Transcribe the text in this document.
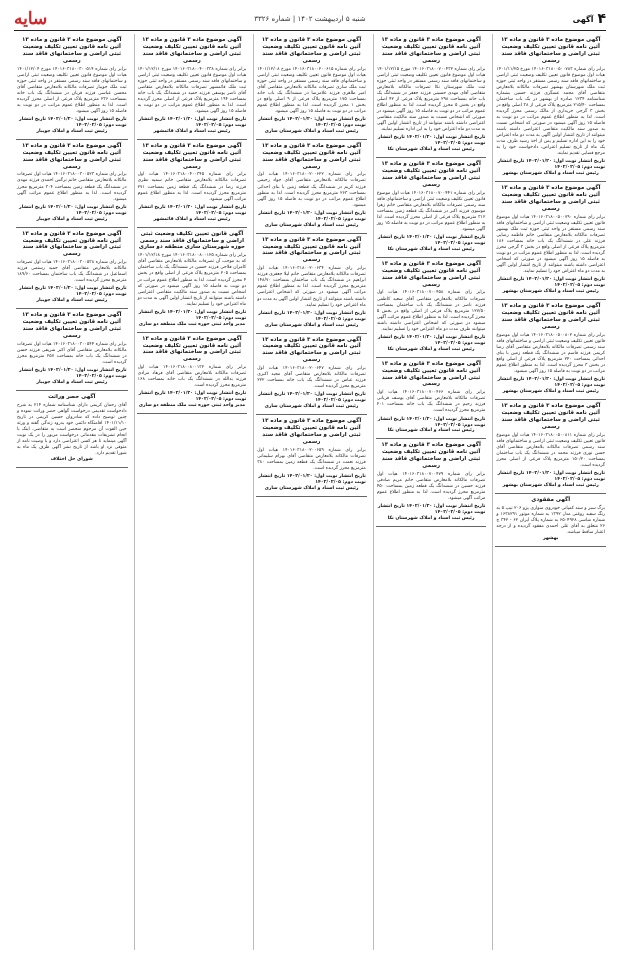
۴
آگهی
شنبه ۵ اردیبهشت ۱۴۰۲ | شماره ۳۳۲۶
سایه
آگهی موضوع ماده ۳ قانون و ماده ۱۳ آئین نامه قانون تعیین تکلیف وضعیت ثبتی اراضی و ساختمانهای فاقد سند رسمی
برابر رای شماره ۱۴۰۱۶۰۳۱۸۰۰۵۰۰۷۸۳ مورخ ۱۴۰۱/۱۱/۲۵ هیات اول موضوع قانون تعیین تکلیف وضعیت ثبتی اراضی و ساختمانهای فاقد سند رسمی مستقر در واحد ثبتی حوزه ثبت ملک شهرستان بهشهر تصرفات مالکانه بلامعارض متقاضی آقای محمد عسگری فرزند حسین بشماره شناسنامه ۱۲۳۴ صادره از بهشهر در یک باب ساختمان بمساحت ۲۱۵/۴۰ مترمربع پلاک فرعی از ۳۸ اصلی واقع در بخش ۳ گرجی خریداری از مالک رسمی محرز گردیده است. لذا به منظور اطلاع عموم مراتب در دو نوبت به فاصله ۱۵ روز آگهی میشود در صورتی که اشخاص نسبت به صدور سند مالکیت متقاضی اعتراضی داشته باشند میتوانند از تاریخ انتشار اولین آگهی به مدت دو ماه اعتراض خود را به این اداره تسلیم و پس از اخذ رسید ظرف مدت یک ماه از تاریخ تسلیم اعتراض، دادخواست خود را به مرجع قضایی تقدیم نمایند.
تاریخ انتشار نوبت اول: ۱۴۰۲/۰۱/۲۰ تاریخ انتشار نوبت دوم: ۱۴۰۲/۰۲/۰۵
رئیس ثبت اسناد و املاک شهرستان بهشهر
آگهی موضوع ماده ۳ قانون و ماده ۱۳ آئین نامه قانون تعیین تکلیف وضعیت ثبتی اراضی و ساختمانهای فاقد سند رسمی
برابر رای شماره ۱۴۰۱۶۰۳۱۸۰۰۵۰۰۷۹۰ هیات اول موضوع قانون تعیین تکلیف وضعیت ثبتی اراضی و ساختمانهای فاقد سند رسمی مستقر در واحد ثبتی حوزه ثبت ملک بهشهر تصرفات مالکانه بلامعارض متقاضی خانم فاطمه رضایی فرزند علی در ششدانگ یک باب خانه بمساحت ۱۸۶ مترمربع پلاک فرعی از اصلی واقع در بخش ۳ گرجی محرز گردیده است. لذا به منظور اطلاع عموم مراتب در دو نوبت به فاصله ۱۵ روز آگهی میشود در صورتی که اشخاص اعتراضی داشته باشند میتوانند از تاریخ انتشار اولین آگهی به مدت دو ماه اعتراض خود را تسلیم نمایند.
تاریخ انتشار نوبت اول: ۱۴۰۲/۰۱/۲۰ تاریخ انتشار نوبت دوم: ۱۴۰۲/۰۲/۰۵
رئیس ثبت اسناد و املاک شهرستان بهشهر
آگهی موضوع ماده ۳ قانون و ماده ۱۳ آئین نامه قانون تعیین تکلیف وضعیت ثبتی اراضی و ساختمانهای فاقد سند رسمی
برابر رای شماره ۱۴۰۱۶۰۳۱۸۰۰۵۰۰۸۰۲ هیات اول موضوع قانون تعیین تکلیف وضعیت ثبتی اراضی و ساختمانهای فاقد سند رسمی تصرفات مالکانه بلامعارض متقاضی آقای رضا کریمی فرزند قاسم در ششدانگ یک قطعه زمین با بنای احداثی بمساحت ۲۴۰ مترمربع پلاک فرعی از اصلی واقع در بخش ۳ محرز گردیده است. لذا به منظور اطلاع عموم مراتب در دو نوبت به فاصله ۱۵ روز آگهی میشود.
تاریخ انتشار نوبت اول: ۱۴۰۲/۰۱/۲۰ تاریخ انتشار نوبت دوم: ۱۴۰۲/۰۲/۰۵
رئیس ثبت اسناد و املاک شهرستان بهشهر
آگهی موضوع ماده ۳ قانون و ماده ۱۳ آئین نامه قانون تعیین تکلیف وضعیت ثبتی اراضی و ساختمانهای فاقد سند رسمی
برابر رای شماره ۱۴۰۱۶۰۳۱۸۰۰۵۰۰۸۱۱ هیات اول موضوع قانون تعیین تکلیف وضعیت ثبتی اراضی و ساختمانهای فاقد سند رسمی تصرفات مالکانه بلامعارض متقاضی آقای حسن نوری فرزند محمد در ششدانگ یک باب ساختمان بمساحت ۱۵۰/۲۰ مترمربع پلاک فرعی از اصلی محرز گردیده است.
تاریخ انتشار نوبت اول: ۱۴۰۲/۰۱/۲۰ تاریخ انتشار نوبت دوم: ۱۴۰۲/۰۲/۰۵
رئیس ثبت اسناد و املاک شهرستان بهشهر
آگهی مفقودی
برگ سبز و سند کمپانی خودروی سواری پژو ۲۰۶ تیپ ۵ به رنگ سفید روغنی مدل ۱۳۹۲ به شماره موتور ۱۶۳۸۲۹۱ و شماره شاسی ۶۵۰۴۹۲۸ به شماره پلاک ایران ۶۲ - ۳۴۲ ج ۲۶ متعلق به آقای علی احمدی مفقود گردیده و از درجه اعتبار ساقط میباشد.
بهشهر
آگهی موضوع ماده ۳ قانون و ماده ۱۳ آئین نامه قانون تعیین تکلیف وضعیت ثبتی اراضی و ساختمانهای فاقد سند رسمی
برابر رای شماره ۱۴۰۱۶۰۳۱۸۰۰۷۰۰۴۳۲ مورخ ۱۴۰۱/۱۲/۱۵ هیات اول موضوع قانون تعیین تکلیف وضعیت ثبتی اراضی و ساختمانهای فاقد سند رسمی مستقر در واحد ثبتی حوزه ثبت ملک شهرستان نکا تصرفات مالکانه بلامعارض متقاضی آقای مهدی حسینی فرزند جعفر در ششدانگ یک باب خانه بمساحت ۲۹۸ مترمربع پلاک فرعی از ۴۲ اصلی واقع در بخش ۵ محرز گردیده است. لذا به منظور اطلاع عموم مراتب در دو نوبت به فاصله ۱۵ روز آگهی میشود در صورتی که اشخاص نسبت به صدور سند مالکیت متقاضی اعتراضی داشته باشند میتوانند از تاریخ انتشار اولین آگهی به مدت دو ماه اعتراض خود را به این اداره تسلیم نمایند.
تاریخ انتشار نوبت اول: ۱۴۰۲/۰۱/۲۰ تاریخ انتشار نوبت دوم: ۱۴۰۲/۰۲/۰۵
رئیس ثبت اسناد و املاک شهرستان نکا
آگهی موضوع ماده ۳ قانون و ماده ۱۳ آئین نامه قانون تعیین تکلیف وضعیت ثبتی اراضی و ساختمانهای فاقد سند رسمی
برابر رای شماره ۱۴۰۱۶۰۳۱۸۰۰۷۰۰۴۴۱ هیات اول موضوع قانون تعیین تکلیف وضعیت ثبتی اراضی و ساختمانهای فاقد سند رسمی تصرفات مالکانه بلامعارض متقاضی خانم زهرا موسوی فرزند اکبر در ششدانگ یک قطعه زمین بمساحت ۳۱۲ مترمربع پلاک فرعی از اصلی محرز گردیده است. لذا به منظور اطلاع عموم مراتب در دو نوبت به فاصله ۱۵ روز آگهی میشود.
تاریخ انتشار نوبت اول: ۱۴۰۲/۰۱/۲۰ تاریخ انتشار نوبت دوم: ۱۴۰۲/۰۲/۰۵
رئیس ثبت اسناد و املاک شهرستان نکا
آگهی موضوع ماده ۳ قانون و ماده ۱۳ آئین نامه قانون تعیین تکلیف وضعیت ثبتی اراضی و ساختمانهای فاقد سند رسمی
برابر رای شماره ۱۴۰۱۶۰۳۱۸۰۰۷۰۰۴۵۸ هیات اول تصرفات مالکانه بلامعارض متقاضی آقای سعید کاظمی فرزند ناصر در ششدانگ یک باب ساختمان بمساحت ۱۲۷/۵۰ مترمربع پلاک فرعی از اصلی واقع در بخش ۵ محرز گردیده است. لذا به منظور اطلاع عموم مراتب آگهی میشود در صورتی که اشخاص اعتراضی داشته باشند میتوانند ظرف مدت دو ماه اعتراض خود را تسلیم نمایند.
تاریخ انتشار نوبت اول: ۱۴۰۲/۰۱/۲۰ تاریخ انتشار نوبت دوم: ۱۴۰۲/۰۲/۰۵
رئیس ثبت اسناد و املاک شهرستان نکا
آگهی موضوع ماده ۳ قانون و ماده ۱۳ آئین نامه قانون تعیین تکلیف وضعیت ثبتی اراضی و ساختمانهای فاقد سند رسمی
برابر رای شماره ۱۴۰۱۶۰۳۱۸۰۰۷۰۰۴۶۶ هیات اول تصرفات مالکانه بلامعارض متقاضی آقای یوسف قربانی فرزند رحیم در ششدانگ یک باب خانه بمساحت ۲۰۱ مترمربع محرز گردیده است.
تاریخ انتشار نوبت اول: ۱۴۰۲/۰۱/۲۰ تاریخ انتشار نوبت دوم: ۱۴۰۲/۰۲/۰۵
رئیس ثبت اسناد و املاک شهرستان نکا
آگهی موضوع ماده ۳ قانون و ماده ۱۳ آئین نامه قانون تعیین تکلیف وضعیت ثبتی اراضی و ساختمانهای فاقد سند رسمی
برابر رای شماره ۱۴۰۱۶۰۳۱۸۰۰۷۰۰۴۷۹ هیات اول تصرفات مالکانه بلامعارض متقاضی خانم مریم صادقی فرزند حسین در ششدانگ یک قطعه زمین بمساحت ۴۵۰ مترمربع محرز گردیده است. لذا به منظور اطلاع عموم مراتب آگهی میشود.
تاریخ انتشار نوبت اول: ۱۴۰۲/۰۱/۲۰ تاریخ انتشار نوبت دوم: ۱۴۰۲/۰۲/۰۵
رئیس ثبت اسناد و املاک شهرستان نکا
آگهی موضوع ماده ۳ قانون و ماده ۱۳ آئین نامه قانون تعیین تکلیف وضعیت ثبتی اراضی و ساختمانهای فاقد سند رسمی
برابر رای شماره ۱۴۰۱۶۰۳۱۸۰۰۲۰۰۶۱۵ مورخ ۱۴۰۱/۱۲/۰۸ هیات اول موضوع قانون تعیین تکلیف وضعیت ثبتی اراضی و ساختمانهای فاقد سند رسمی مستقر در واحد ثبتی حوزه ثبت ملک ساری تصرفات مالکانه بلامعارض متقاضی آقای امیر طاهری فرزند غلامرضا در ششدانگ یک باب خانه بمساحت ۱۷۵ مترمربع پلاک فرعی از ۹ اصلی واقع در بخش ۱ محرز گردیده است. لذا به منظور اطلاع عموم مراتب در دو نوبت به فاصله ۱۵ روز آگهی میشود.
تاریخ انتشار نوبت اول: ۱۴۰۲/۰۱/۲۰ تاریخ انتشار نوبت دوم: ۱۴۰۲/۰۲/۰۵
رئیس ثبت اسناد و املاک شهرستان ساری
آگهی موضوع ماده ۳ قانون و ماده ۱۳ آئین نامه قانون تعیین تکلیف وضعیت ثبتی اراضی و ساختمانهای فاقد سند رسمی
برابر رای شماره ۱۴۰۱۶۰۳۱۸۰۰۲۰۰۶۲۲ هیات اول تصرفات مالکانه بلامعارض متقاضی آقای جواد رحیمی فرزند کریم در ششدانگ یک قطعه زمین با بنای احداثی بمساحت ۲۶۳ مترمربع محرز گردیده است. لذا به منظور اطلاع عموم مراتب در دو نوبت به فاصله ۱۵ روز آگهی میشود.
تاریخ انتشار نوبت اول: ۱۴۰۲/۰۱/۲۰ تاریخ انتشار نوبت دوم: ۱۴۰۲/۰۲/۰۵
رئیس ثبت اسناد و املاک شهرستان ساری
آگهی موضوع ماده ۳ قانون و ماده ۱۳ آئین نامه قانون تعیین تکلیف وضعیت ثبتی اراضی و ساختمانهای فاقد سند رسمی
برابر رای شماره ۱۴۰۱۶۰۳۱۸۰۰۲۰۰۶۳۴ هیات اول تصرفات مالکانه بلامعارض متقاضی خانم لیلا جعفری فرزند ابراهیم در ششدانگ یک باب ساختمان بمساحت ۱۴۸/۷۰ مترمربع محرز گردیده است. لذا به منظور اطلاع عموم مراتب آگهی میشود در صورتی که اشخاص اعتراضی داشته باشند میتوانند از تاریخ انتشار اولین آگهی به مدت دو ماه اعتراض خود را تسلیم نمایند.
تاریخ انتشار نوبت اول: ۱۴۰۲/۰۱/۲۰ تاریخ انتشار نوبت دوم: ۱۴۰۲/۰۲/۰۵
رئیس ثبت اسناد و املاک شهرستان ساری
آگهی موضوع ماده ۳ قانون و ماده ۱۳ آئین نامه قانون تعیین تکلیف وضعیت ثبتی اراضی و ساختمانهای فاقد سند رسمی
برابر رای شماره ۱۴۰۱۶۰۳۱۸۰۰۲۰۰۶۴۷ هیات اول تصرفات مالکانه بلامعارض متقاضی آقای مجید اکبری فرزند عباس در ششدانگ یک باب خانه بمساحت ۲۲۲ مترمربع محرز گردیده است.
تاریخ انتشار نوبت اول: ۱۴۰۲/۰۱/۲۰ تاریخ انتشار نوبت دوم: ۱۴۰۲/۰۲/۰۵
رئیس ثبت اسناد و املاک شهرستان ساری
آگهی موضوع ماده ۳ قانون و ماده ۱۳ آئین نامه قانون تعیین تکلیف وضعیت ثبتی اراضی و ساختمانهای فاقد سند رسمی
برابر رای شماره ۱۴۰۱۶۰۳۱۸۰۰۲۰۰۶۵۹ هیات اول تصرفات مالکانه بلامعارض متقاضی آقای بهرام سلیمانی فرزند نعمت در ششدانگ یک قطعه زمین بمساحت ۳۸۰ مترمربع محرز گردیده است.
تاریخ انتشار نوبت اول: ۱۴۰۲/۰۱/۲۰ تاریخ انتشار نوبت دوم: ۱۴۰۲/۰۲/۰۵
رئیس ثبت اسناد و املاک شهرستان ساری
آگهی موضوع ماده ۳ قانون و ماده ۱۳ آئین نامه قانون تعیین تکلیف وضعیت ثبتی اراضی و ساختمانهای فاقد سند رسمی
برابر رای شماره ۱۴۰۱۶۰۳۱۸۰۰۴۰۰۳۳۸ مورخ ۱۴۰۱/۱۲/۱۱ هیات اول موضوع قانون تعیین تکلیف وضعیت ثبتی اراضی و ساختمانهای فاقد سند رسمی مستقر در واحد ثبتی حوزه ثبت ملک قائمشهر تصرفات مالکانه بلامعارض متقاضی آقای ناصر یوسفی فرزند حمید در ششدانگ یک باب خانه بمساحت ۱۹۴ مترمربع پلاک فرعی از اصلی محرز گردیده است. لذا به منظور اطلاع عموم مراتب در دو نوبت به فاصله ۱۵ روز آگهی میشود.
تاریخ انتشار نوبت اول: ۱۴۰۲/۰۱/۲۰ تاریخ انتشار نوبت دوم: ۱۴۰۲/۰۲/۰۵
رئیس ثبت اسناد و املاک قائمشهر
آگهی موضوع ماده ۳ قانون و ماده ۱۳ آئین نامه قانون تعیین تکلیف وضعیت ثبتی اراضی و ساختمانهای فاقد سند رسمی
برابر رای شماره ۱۴۰۱۶۰۳۱۸۰۰۴۰۰۳۴۵ هیات اول تصرفات مالکانه بلامعارض متقاضی خانم سمیه نظری فرزند رضا در ششدانگ یک قطعه زمین بمساحت ۲۷۱ مترمربع محرز گردیده است. لذا به منظور اطلاع عموم مراتب آگهی میشود.
تاریخ انتشار نوبت اول: ۱۴۰۲/۰۱/۲۰ تاریخ انتشار نوبت دوم: ۱۴۰۲/۰۲/۰۵
رئیس ثبت اسناد و املاک قائمشهر
آگهی قانون تعیین تکلیف وضعیت ثبتی اراضی و ساختمانهای فاقد سند رسمی حوزه شهرستان ساری منطقه دو ساری
برابر رای شماره ۱۴۰۱۶۰۳۱۸۰۰۸۰۰۱۲۵ مورخ ۱۴۰۱/۱۲/۱۸ که به موجب آن تصرفات مالکانه بلامعارض متقاضی آقای کامران فلاحی فرزند حسین در ششدانگ یک باب ساختمان بمساحت ۲۰۵ مترمربع پلاک فرعی از اصلی واقع در بخش ۴ محرز گردیده است. لذا به منظور اطلاع عموم مراتب در دو نوبت به فاصله ۱۵ روز آگهی میشود در صورتی که اشخاص نسبت به صدور سند مالکیت متقاضی اعتراضی داشته باشند میتوانند از تاریخ انتشار اولین آگهی به مدت دو ماه اعتراض خود را تسلیم نمایند.
تاریخ انتشار نوبت اول: ۱۴۰۲/۰۱/۲۰ تاریخ انتشار نوبت دوم: ۱۴۰۲/۰۲/۰۵
مدیر واحد ثبتی حوزه ثبت ملک منطقه دو ساری
آگهی موضوع ماده ۳ قانون و ماده ۱۳ آئین نامه قانون تعیین تکلیف وضعیت ثبتی اراضی و ساختمانهای فاقد سند رسمی
برابر رای شماره ۱۴۰۱۶۰۳۱۸۰۰۸۰۰۱۳۲ هیات اول تصرفات مالکانه بلامعارض متقاضی آقای فرهاد مرادی فرزند یدالله در ششدانگ یک باب خانه بمساحت ۱۶۸ مترمربع محرز گردیده است.
تاریخ انتشار نوبت اول: ۱۴۰۲/۰۱/۲۰ تاریخ انتشار نوبت دوم: ۱۴۰۲/۰۲/۰۵
مدیر واحد ثبتی حوزه ثبت ملک منطقه دو ساری
آگهی موضوع ماده ۳ قانون و ماده ۱۳ آئین نامه قانون تعیین تکلیف وضعیت ثبتی اراضی و ساختمانهای فاقد سند رسمی
برابر رای شماره ۱۴۰۱۶۰۳۱۸۰۰۳۰۰۵۱۴ مورخ ۱۴۰۱/۱۲/۰۴ هیات اول موضوع قانون تعیین تکلیف وضعیت ثبتی اراضی و ساختمانهای فاقد سند رسمی مستقر در واحد ثبتی حوزه ثبت ملک جویبار تصرفات مالکانه بلامعارض متقاضی آقای محسن عباسی فرزند قربان در ششدانگ یک باب خانه بمساحت ۲۳۶ مترمربع پلاک فرعی از اصلی محرز گردیده است. لذا به منظور اطلاع عموم مراتب در دو نوبت به فاصله ۱۵ روز آگهی میشود.
تاریخ انتشار نوبت اول: ۱۴۰۲/۰۱/۲۰ تاریخ انتشار نوبت دوم: ۱۴۰۲/۰۲/۰۵
رئیس ثبت اسناد و املاک جویبار
آگهی موضوع ماده ۳ قانون و ماده ۱۳ آئین نامه قانون تعیین تکلیف وضعیت ثبتی اراضی و ساختمانهای فاقد سند رسمی
برابر رای شماره ۱۴۰۱۶۰۳۱۸۰۰۳۰۰۵۲۳ هیات اول تصرفات مالکانه بلامعارض متقاضی خانم نرگس احمدی فرزند مهدی در ششدانگ یک قطعه زمین بمساحت ۳۰۴ مترمربع محرز گردیده است. لذا به منظور اطلاع عموم مراتب آگهی میشود.
تاریخ انتشار نوبت اول: ۱۴۰۲/۰۱/۲۰ تاریخ انتشار نوبت دوم: ۱۴۰۲/۰۲/۰۵
رئیس ثبت اسناد و املاک جویبار
آگهی موضوع ماده ۳ قانون و ماده ۱۳ آئین نامه قانون تعیین تکلیف وضعیت ثبتی اراضی و ساختمانهای فاقد سند رسمی
برابر رای شماره ۱۴۰۱۶۰۳۱۸۰۰۳۰۰۵۳۸ هیات اول تصرفات مالکانه بلامعارض متقاضی آقای حمید رستمی فرزند اسماعیل در ششدانگ یک باب ساختمان بمساحت ۱۸۹/۶۰ مترمربع محرز گردیده است.
تاریخ انتشار نوبت اول: ۱۴۰۲/۰۱/۲۰ تاریخ انتشار نوبت دوم: ۱۴۰۲/۰۲/۰۵
رئیس ثبت اسناد و املاک جویبار
آگهی موضوع ماده ۳ قانون و ماده ۱۳ آئین نامه قانون تعیین تکلیف وضعیت ثبتی اراضی و ساختمانهای فاقد سند رسمی
برابر رای شماره ۱۴۰۱۶۰۳۱۸۰۰۳۰۰۵۴۴ هیات اول تصرفات مالکانه بلامعارض متقاضی آقای اکبر شریفی فرزند حسن در ششدانگ یک باب خانه بمساحت ۲۵۷ مترمربع محرز گردیده است.
تاریخ انتشار نوبت اول: ۱۴۰۲/۰۱/۲۰ تاریخ انتشار نوبت دوم: ۱۴۰۲/۰۲/۰۵
رئیس ثبت اسناد و املاک جویبار
آگهی حصر وراثت
آقای رحمان کریمی دارای شناسنامه شماره ۲۱۴ به شرح دادخواست تقدیمی درخواست گواهی حصر وراثت نموده و چنین توضیح داده که شادروان حسین کریمی در تاریخ ۱۴۰۱/۱۱/۱۰ اقامتگاه دائمی خود بدرود زندگی گفته و ورثه حین الفوت آن مرحوم منحصر است به متقاضی. اینک با انجام تشریفات مقدماتی درخواست مزبور را در یک نوبت آگهی مینماید تا هر کسی اعتراضی دارد و یا وصیت نامه از متوفی نزد او باشد از تاریخ نشر آگهی ظرف یک ماه به شورا تقدیم دارد.
شورای حل اختلاف
